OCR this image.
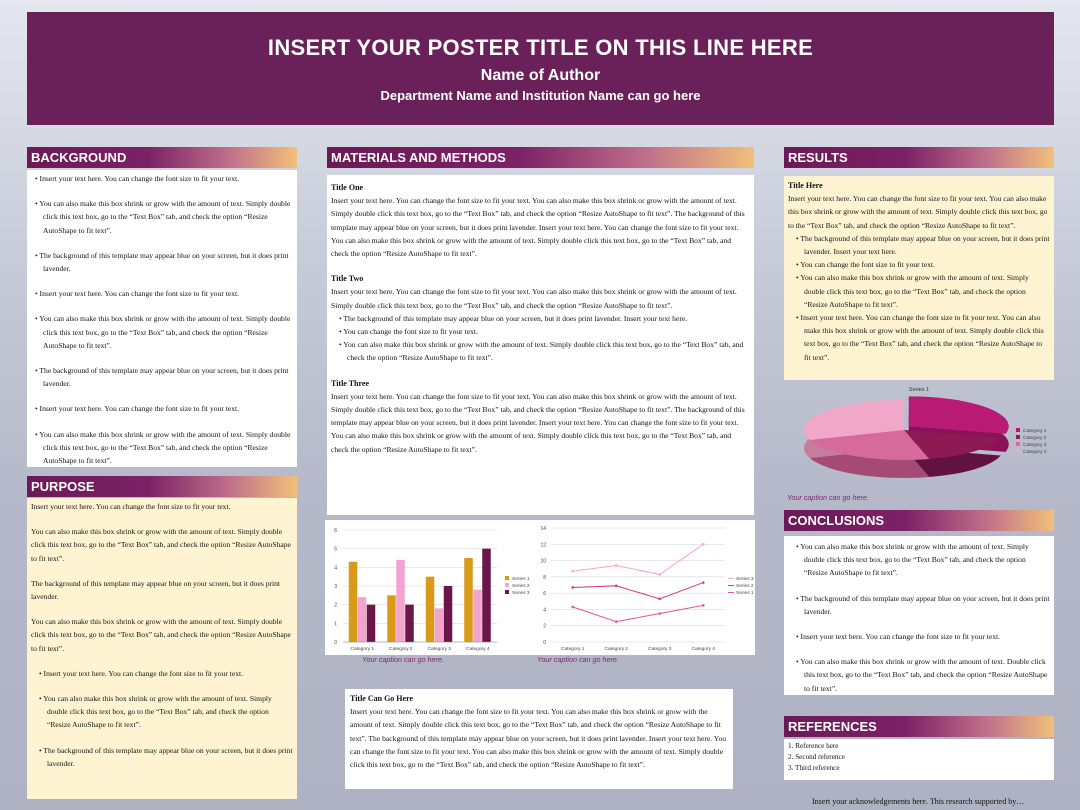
INSERT YOUR POSTER TITLE ON THIS LINE HERE
Name of Author
Department Name and Institution Name can go here
BACKGROUND
• Insert your text here. You can change the font size to fit your text.
• You can also make this box shrink or grow with the amount of text. Simply double click this text box, go to the “Text Box” tab, and check the option “Resize AutoShape to fit text”.
• The background of this template may appear blue on your screen, but it does print lavender.
• Insert your text here. You can change the font size to fit your text.
• You can also make this box shrink or grow with the amount of text. Simply double click this text box, go to the “Text Box” tab, and check the option “Resize AutoShape to fit text”.
• The background of this template may appear blue on your screen, but it does print lavender.
• Insert your text here. You can change the font size to fit your text.
• You can also make this box shrink or grow with the amount of text. Simply double click this text box, go to the “Text Box” tab, and check the option “Resize AutoShape to fit text”.
PURPOSE
Insert your text here. You can change the font size to fit your text.
You can also make this box shrink or grow with the amount of text. Simply double click this text box, go to the “Text Box” tab, and check the option “Resize AutoShape to fit text”.
The background of this template may appear blue on your screen, but it does print lavender.
You can also make this box shrink or grow with the amount of text. Simply double click this text box, go to the “Text Box” tab, and check the option “Resize AutoShape to fit text”.
• Insert your text here. You can change the font size to fit your text.
• You can also make this box shrink or grow with the amount of text. Simply double click this text box, go to the “Text Box” tab, and check the option “Resize AutoShape to fit text”.
• The background of this template may appear blue on your screen, but it does print lavender.
MATERIALS AND METHODS
Title One
Insert your text here. You can change the font size to fit your text. You can also make this box shrink or grow with the amount of text. Simply double click this text box, go to the “Text Box” tab, and check the option “Resize AutoShape to fit text”. The background of this template may appear blue on your screen, but it does print lavender. Insert your text here. You can change the font size to fit your text. You can also make this box shrink or grow with the amount of text. Simply double click this text box, go to the “Text Box” tab, and check the option “Resize AutoShape to fit text”.
Title Two
Insert your text here. You can change the font size to fit your text. You can also make this box shrink or grow with the amount of text. Simply double click this text box, go to the “Text Box” tab, and check the option “Resize AutoShape to fit text”.
• The background of this template may appear blue on your screen, but it does print lavender. Insert your text here.
• You can change the font size to fit your text.
• You can also make this box shrink or grow with the amount of text. Simply double click this text box, go to the “Text Box” tab, and check the option “Resize AutoShape to fit text”.
Title Three
Insert your text here. You can change the font size to fit your text. You can also make this box shrink or grow with the amount of text. Simply double click this text box, go to the “Text Box” tab, and check the option “Resize AutoShape to fit text”. The background of this template may appear blue on your screen, but it does print lavender. Insert your text here. You can change the font size to fit your text. You can also make this box shrink or grow with the amount of text. Simply double click this text box, go to the “Text Box” tab, and check the option “Resize AutoShape to fit text”.
0
1
2
3
4
5
6
Category 1	Category 2	Category 3	Category 4
Series 1
Series 2
Series 3
Your caption can go here.
0
2
4
6
8
10
12
14
Category 1	Category 2	Category 3	Category 4
Series 3
Series 2
Series 1
Your caption can go here.
Title Can Go Here
Insert your text here. You can change the font size to fit your text. You can also make this box shrink or grow with the amount of text. Simply double click this text box, go to the “Text Box” tab, and check the option “Resize AutoShape to fit text”. The background of this template may appear blue on your screen, but it does print lavender. Insert your text here. You can change the font size to fit your text. You can also make this box shrink or grow with the amount of text. Simply double click this text box, go to the “Text Box” tab, and check the option “Resize AutoShape to fit text”.
RESULTS
Title Here
Insert your text here. You can change the font size to fit your text. You can also make this box shrink or grow with the amount of text. Simply double click this text box, go to the “Text Box” tab, and check the option “Resize AutoShape to fit text”.
• The background of this template may appear blue on your screen, but it does print lavender. Insert your text here.
• You can change the font size to fit your text.
• You can also make this box shrink or grow with the amount of text. Simply double click this text box, go to the “Text Box” tab, and check the option “Resize AutoShape to fit text”.
• Insert your text here. You can change the font size to fit your text. You can also make this box shrink or grow with the amount of text. Simply double click this text box, go to the “Text Box” tab, and check the option “Resize AutoShape to fit text”.
Series 1
Category 1
Category 2
Category 3
Category 4
Your caption can go here.
CONCLUSIONS
• You can also make this box shrink or grow with the amount of text. Simply double click this text box, go to the “Text Box” tab, and check the option “Resize AutoShape to fit text”.
• The background of this template may appear blue on your screen, but it does print lavender.
• Insert your text here. You can change the font size to fit your text.
• You can also make this box shrink or grow with the amount of text. Double click this text box, go to the “Text Box” tab, and check the option “Resize AutoShape to fit text”.
REFERENCES
1. Reference here
2. Second reference
3. Third reference
Insert your acknowledgements here. This research supported by…
